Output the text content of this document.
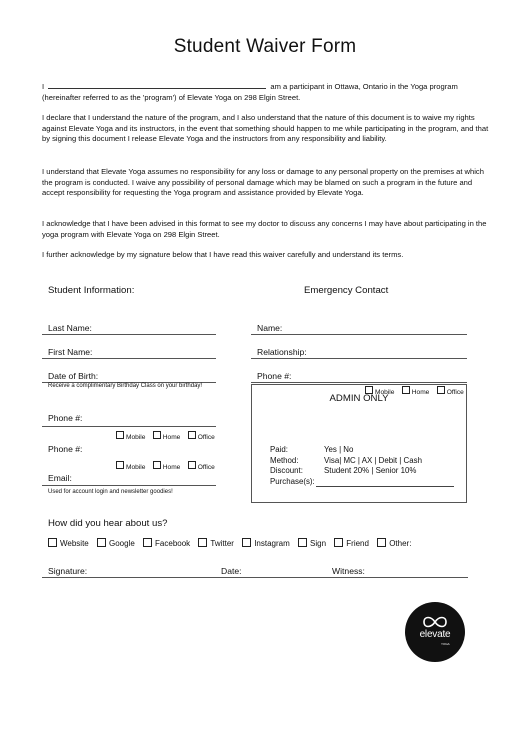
Student Waiver Form
I	am a participant in Ottawa, Ontario in the Yoga program
(hereinafter referred to as the 'program') of Elevate Yoga on 298 Elgin Street.
I declare that I understand the nature of the program, and I also understand that the nature of this document is to waive my rights against Elevate Yoga and its instructors, in the event that something should happen to me while participating in the program, and that by signing this document I release Elevate Yoga and the instructors from any responsibility and liability.
I understand that Elevate Yoga assumes no responsibility for any loss or damage to any personal property on the premises at which the program is conducted. I waive any possibility of personal damage which may be blamed on such a program in the future and accept responsibility for requesting the Yoga program and assistance provided by Elevate Yoga.
I acknowledge that I have been advised in this format to see my doctor to discuss any concerns I may have about participating in the yoga program with Elevate Yoga on 298 Elgin Street.
I further acknowledge by my signature below that I have read this waiver carefully and understand its terms.
Student Information:	Emergency Contact
Last Name:
First Name:
Date of Birth:
Receive a complimentary Birthday Class on your birthday!
Phone #:
Mobile	Home	Office
Phone #:
Mobile	Home	Office
Email:
Used for account login and newsletter goodies!
Name:
Relationship:
Phone #:
Mobile	Home	Office
ADMIN ONLY
Paid:	Yes | No
Method:	Visa| MC | AX | Debit | Cash
Discount:	Student 20% | Senior 10%
Purchase(s):
How did you hear about us?
Website	Google	Facebook	Twitter	Instagram	Sign	Friend	Other:
Signature:	Date:	Witness:
elevate
YOGA
